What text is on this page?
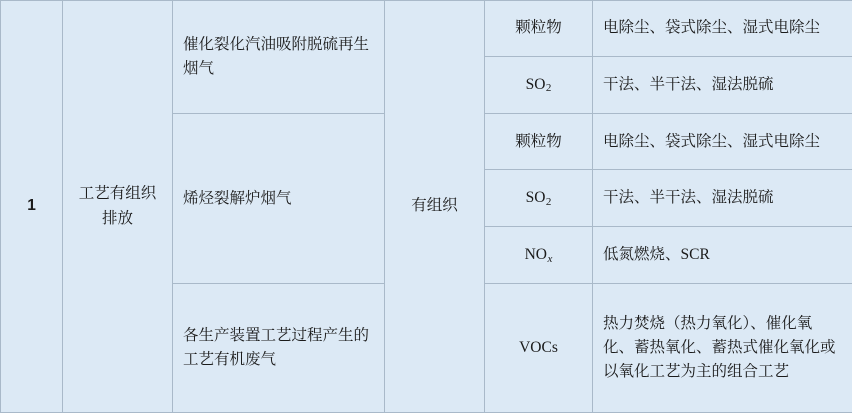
1	工艺有组织排放	催化裂化汽油吸附脱硫再生烟气	有组织	颗粒物	电除尘、袋式除尘、湿式电除尘
				$SO_2$	干法、半干法、湿法脱硫
		烯烃裂解炉烟气		颗粒物	电除尘、袋式除尘、湿式电除尘
				$SO_2$	干法、半干法、湿法脱硫
				NOx	低氮燃烧、SCR
		各生产装置工艺过程产生的工艺有机废气		VOCs	热力焚烧（热力氧化）、催化氧化、蓄热氧化、蓄热式催化氧化或以氧化工艺为主的组合工艺
